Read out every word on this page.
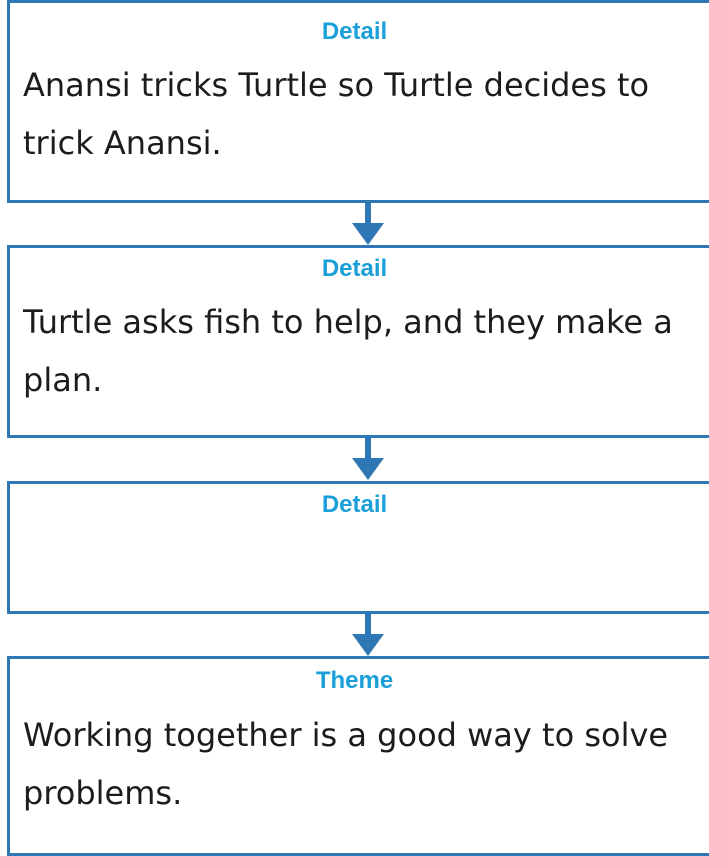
Detail
Anansi tricks Turtle so Turtle decides to trick Anansi.
Detail
Turtle asks fish to help, and they make a plan.
Detail
Theme
Working together is a good way to solve problems.
